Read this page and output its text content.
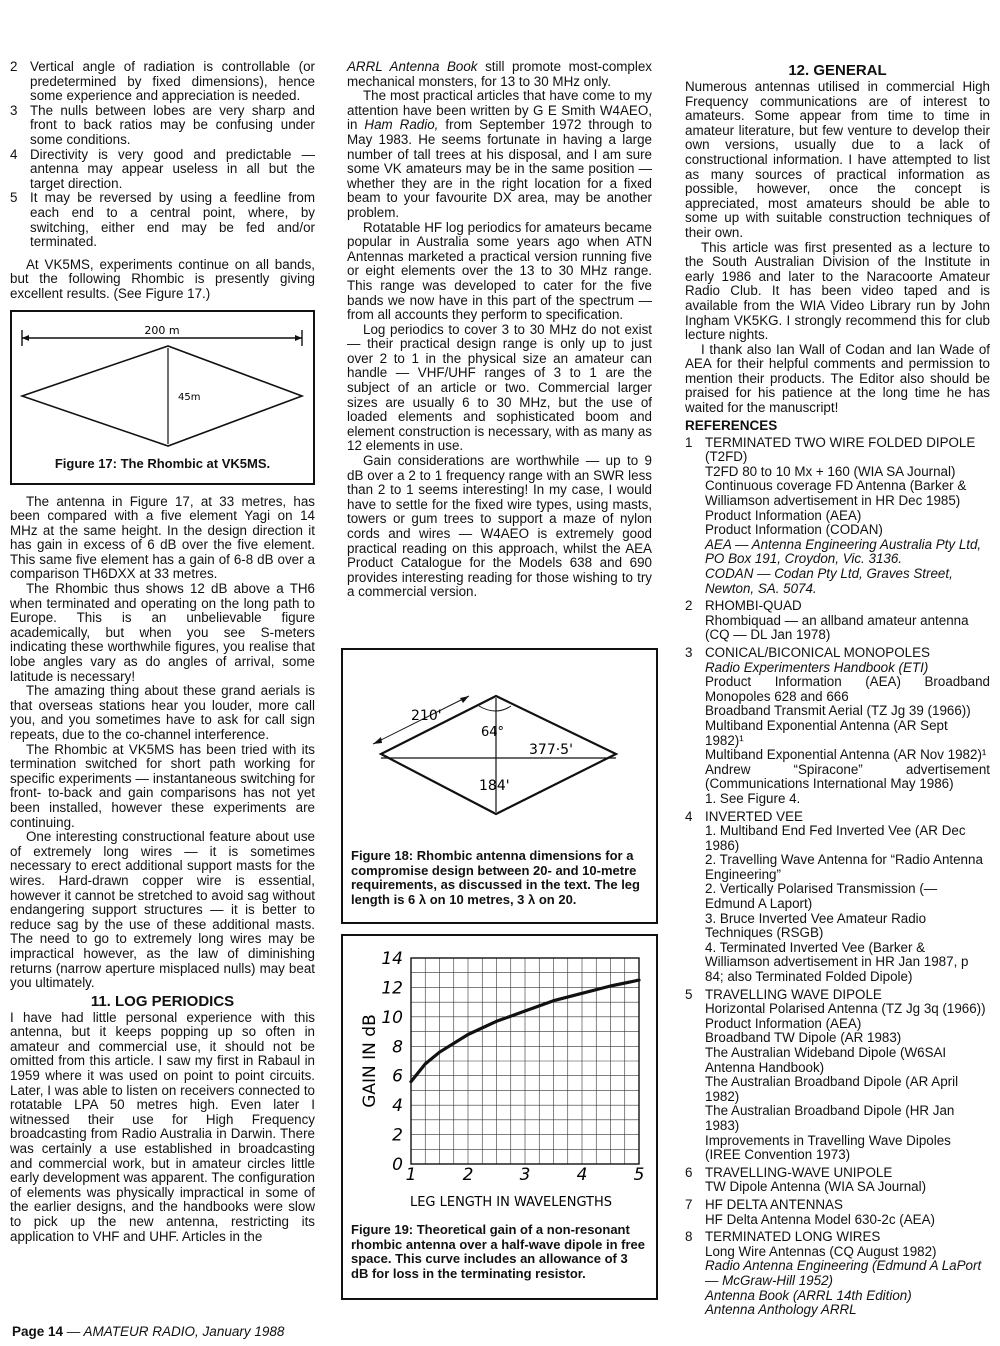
2 Vertical angle of radiation is controllable (or predetermined by fixed dimensions), hence some experience and appreciation is needed.
3 The nulls between lobes are very sharp and front to back ratios may be confusing under some conditions.
4 Directivity is very good and predictable — antenna may appear useless in all but the target direction.
5 It may be reversed by using a feedline from each end to a central point, where, by switching, either end may be fed and/or terminated.

At VK5MS, experiments continue on all bands, but the following Rhombic is presently giving excellent results. (See Figure 17.)

200 m
45m
Figure 17: The Rhombic at VK5MS.

The antenna in Figure 17, at 33 metres, has been compared with a five element Yagi on 14 MHz at the same height. In the design direction it has gain in excess of 6 dB over the five element. This same five element has a gain of 6-8 dB over a comparison TH6DXX at 33 metres.

The Rhombic thus shows 12 dB above a TH6 when terminated and operating on the long path to Europe. This is an unbelievable figure academically, but when you see S-meters indicating these worthwhile figures, you realise that lobe angles vary as do angles of arrival, some latitude is necessary!

The amazing thing about these grand aerials is that overseas stations hear you louder, more call you, and you sometimes have to ask for call sign repeats, due to the co-channel interference.

The Rhombic at VK5MS has been tried with its termination switched for short path working for specific experiments — instantaneous switching for front- to-back and gain comparisons has not yet been installed, however these experiments are continuing.

One interesting constructional feature about use of extremely long wires — it is sometimes necessary to erect additional support masts for the wires. Hard-drawn copper wire is essential, however it cannot be stretched to avoid sag without endangering support structures — it is better to reduce sag by the use of these additional masts. The need to go to extremely long wires may be impractical however, as the law of diminishing returns (narrow aperture misplaced nulls) may beat you ultimately.

11. LOG PERIODICS

I have had little personal experience with this antenna, but it keeps popping up so often in amateur and commercial use, it should not be omitted from this article. I saw my first in Rabaul in 1959 where it was used on point to point circuits. Later, I was able to listen on receivers connected to rotatable LPA 50 metres high. Even later I witnessed their use for High Frequency broadcasting from Radio Australia in Darwin. There was certainly a use established in broadcasting and commercial work, but in amateur circles little early development was apparent. The configuration of elements was physically impractical in some of the earlier designs, and the handbooks were slow to pick up the new antenna, restricting its application to VHF and UHF. Articles in the

ARRL Antenna Book still promote most-complex mechanical monsters, for 13 to 30 MHz only.

The most practical articles that have come to my attention have been written by G E Smith W4AEO, in Ham Radio, from September 1972 through to May 1983. He seems fortunate in having a large number of tall trees at his disposal, and I am sure some VK amateurs may be in the same position — whether they are in the right location for a fixed beam to your favourite DX area, may be another problem.

Rotatable HF log periodics for amateurs became popular in Australia some years ago when ATN Antennas marketed a practical version running five or eight elements over the 13 to 30 MHz range. This range was developed to cater for the five bands we now have in this part of the spectrum — from all accounts they perform to specification.

Log periodics to cover 3 to 30 MHz do not exist — their practical design range is only up to just over 2 to 1 in the physical size an amateur can handle — VHF/UHF ranges of 3 to 1 are the subject of an article or two. Commercial larger sizes are usually 6 to 30 MHz, but the use of loaded elements and sophisticated boom and element construction is necessary, with as many as 12 elements in use.

Gain considerations are worthwhile — up to 9 dB over a 2 to 1 frequency range with an SWR less than 2 to 1 seems interesting! In my case, I would have to settle for the fixed wire types, using masts, towers or gum trees to support a maze of nylon cords and wires — W4AEO is extremely good practical reading on this approach, whilst the AEA Product Catalogue for the Models 638 and 690 provides interesting reading for those wishing to try a commercial version.

210'
64°
377·5'
184'
Figure 18: Rhombic antenna dimensions for a compromise design between 20- and 10-metre requirements, as discussed in the text. The leg length is 6 λ on 10 metres, 3 λ on 20.
0
2
4
6
8
10
12
14
1	2	3	4	5
GAIN IN dB
LEG LENGTH IN WAVELENGTHS
Figure 19: Theoretical gain of a non-resonant rhombic antenna over a half-wave dipole in free space. This curve includes an allowance of 3 dB for loss in the terminating resistor.
12. GENERAL

Numerous antennas utilised in commercial High Frequency communications are of interest to amateurs. Some appear from time to time in amateur literature, but few venture to develop their own versions, usually due to a lack of constructional information. I have attempted to list as many sources of practical information as possible, however, once the concept is appreciated, most amateurs should be able to some up with suitable construction techniques of their own.

This article was first presented as a lecture to the South Australian Division of the Institute in early 1986 and later to the Naracoorte Amateur Radio Club. It has been video taped and is available from the WIA Video Library run by John Ingham VK5KG. I strongly recommend this for club lecture nights.

I thank also Ian Wall of Codan and Ian Wade of AEA for their helpful comments and permission to mention their products. The Editor also should be praised for his patience at the long time he has waited for the manuscript!

REFERENCES
1 TERMINATED TWO WIRE FOLDED DIPOLE (T2FD)
T2FD 80 to 10 Mx + 160 (WIA SA Journal)
Continuous coverage FD Antenna (Barker & Williamson advertisement in HR Dec 1985)
Product Information (AEA)
Product Information (CODAN)
AEA — Antenna Engineering Australia Pty Ltd, PO Box 191, Croydon, Vic. 3136.
CODAN — Codan Pty Ltd, Graves Street, Newton, SA. 5074.
2 RHOMBI-QUAD
Rhombiquad — an allband amateur antenna (CQ — DL Jan 1978)
3 CONICAL/BICONICAL MONOPOLES
Radio Experimenters Handbook (ETI)
Product Information (AEA) Broadband Monopoles 628 and 666
Broadband Transmit Aerial (TZ Jg 39 (1966))
Multiband Exponential Antenna (AR Sept 1982)¹
Multiband Exponential Antenna (AR Nov 1982)¹
Andrew “Spiracone” advertisement (Communications International May 1986)
1. See Figure 4.
4 INVERTED VEE
1. Multiband End Fed Inverted Vee (AR Dec 1986)
2. Travelling Wave Antenna for “Radio Antenna Engineering”
2. Vertically Polarised Transmission (— Edmund A Laport)
3. Bruce Inverted Vee Amateur Radio Techniques (RSGB)
4. Terminated Inverted Vee (Barker & Williamson advertisement in HR Jan 1987, p 84; also Terminated Folded Dipole)
5 TRAVELLING WAVE DIPOLE
Horizontal Polarised Antenna (TZ Jg 3q (1966))
Product Information (AEA)
Broadband TW Dipole (AR 1983)
The Australian Wideband Dipole (W6SAI Antenna Handbook)
The Australian Broadband Dipole (AR April 1982)
The Australian Broadband Dipole (HR Jan 1983)
Improvements in Travelling Wave Dipoles (IREE Convention 1973)
6 TRAVELLING-WAVE UNIPOLE
TW Dipole Antenna (WIA SA Journal)
7 HF DELTA ANTENNAS
HF Delta Antenna Model 630-2c (AEA)
8 TERMINATED LONG WIRES
Long Wire Antennas (CQ August 1982)
Radio Antenna Engineering (Edmund A LaPort — McGraw-Hill 1952)
Antenna Book (ARRL 14th Edition)
Antenna Anthology ARRL
Page 14 — AMATEUR RADIO, January 1988
